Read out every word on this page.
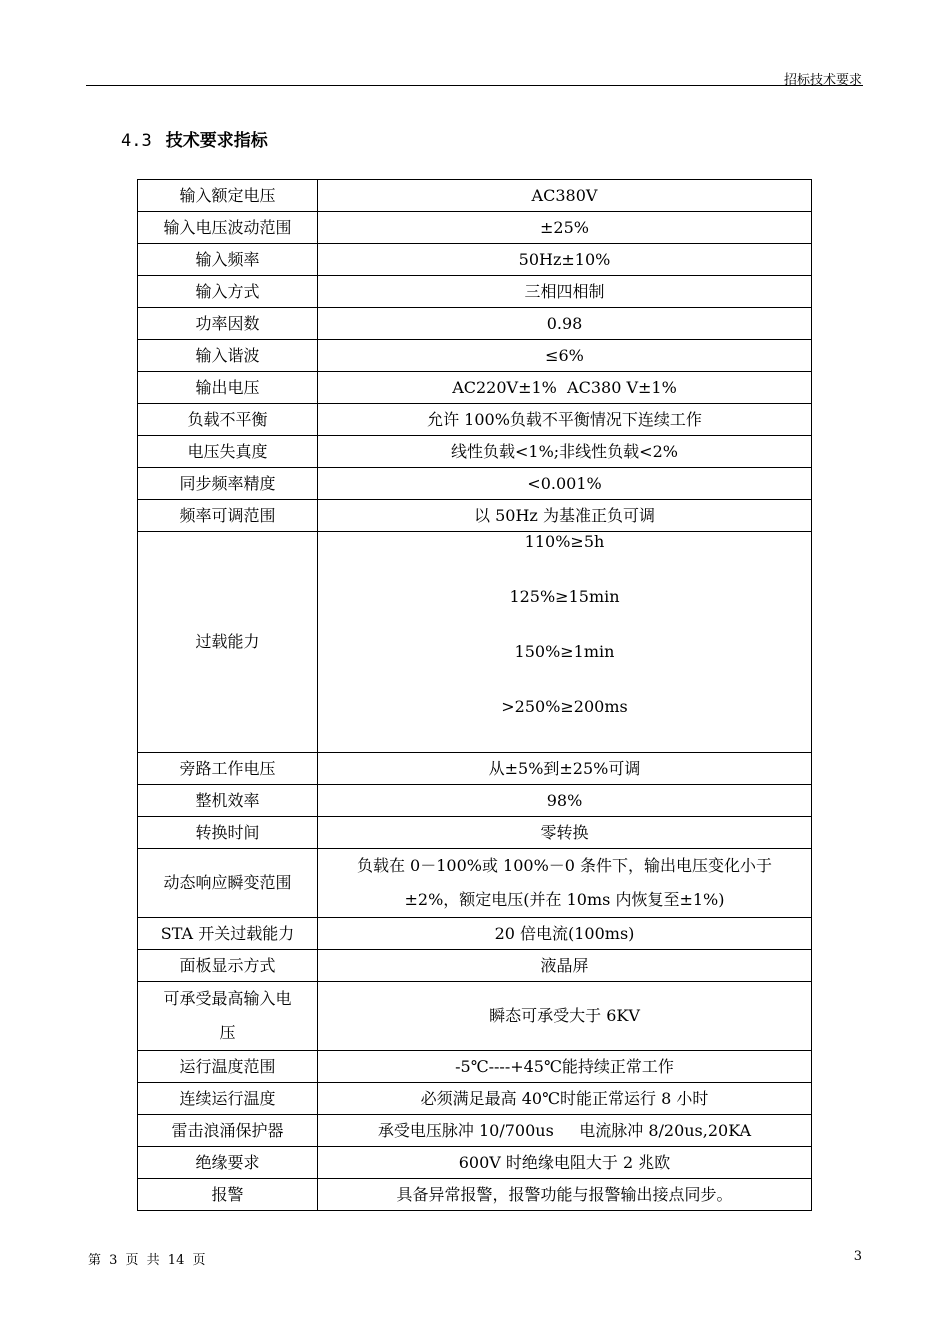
招标技术要求
4.3 技术要求指标
输入额定电压	AC380V
输入电压波动范围	±25%
输入频率	50Hz±10%
输入方式	三相四相制
功率因数	0.98
输入谐波	≤6%
输出电压	AC220V±1%  AC380 V±1%
负载不平衡	允许 100%负载不平衡情况下连续工作
电压失真度	线性负载<1%;非线性负载<2%
同步频率精度	<0.001%
频率可调范围	以 50Hz 为基准正负可调
过载能力	110%≥5h
125%≥15min
150%≥1min
>250%≥200ms

旁路工作电压	从±5%到±25%可调
整机效率	98%
转换时间	零转换
动态响应瞬变范围	负载在 0－100%或 100%－0 条件下，输出电压变化小于
±2%，额定电压(并在 10ms 内恢复至±1%)

STA 开关过载能力	20 倍电流(100ms)
面板显示方式	液晶屏

可承受最高输入电
压	瞬态可承受大于 6KV
运行温度范围	-5℃----+45℃能持续正常工作
连续运行温度	必须满足最高 40℃时能正常运行 8 小时
雷击浪涌保护器	承受电压脉冲 10/700us     电流脉冲 8/20us,20KA
绝缘要求	600V 时绝缘电阻大于 2 兆欧
报警	具备异常报警，报警功能与报警输出接点同步。
第 3 页 共 14 页	3
